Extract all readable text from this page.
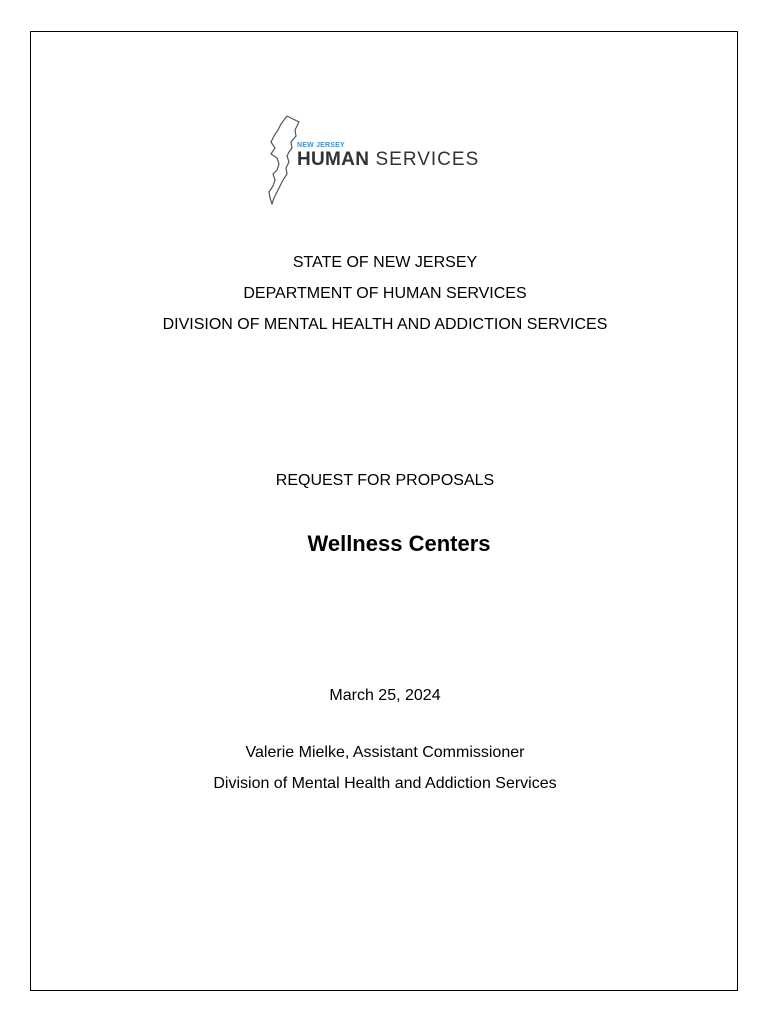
NEW JERSEY
HUMAN SERVICES
STATE OF NEW JERSEY
DEPARTMENT OF HUMAN SERVICES
DIVISION OF MENTAL HEALTH AND ADDICTION SERVICES
REQUEST FOR PROPOSALS
Wellness Centers
March 25, 2024
Valerie Mielke, Assistant Commissioner
Division of Mental Health and Addiction Services
